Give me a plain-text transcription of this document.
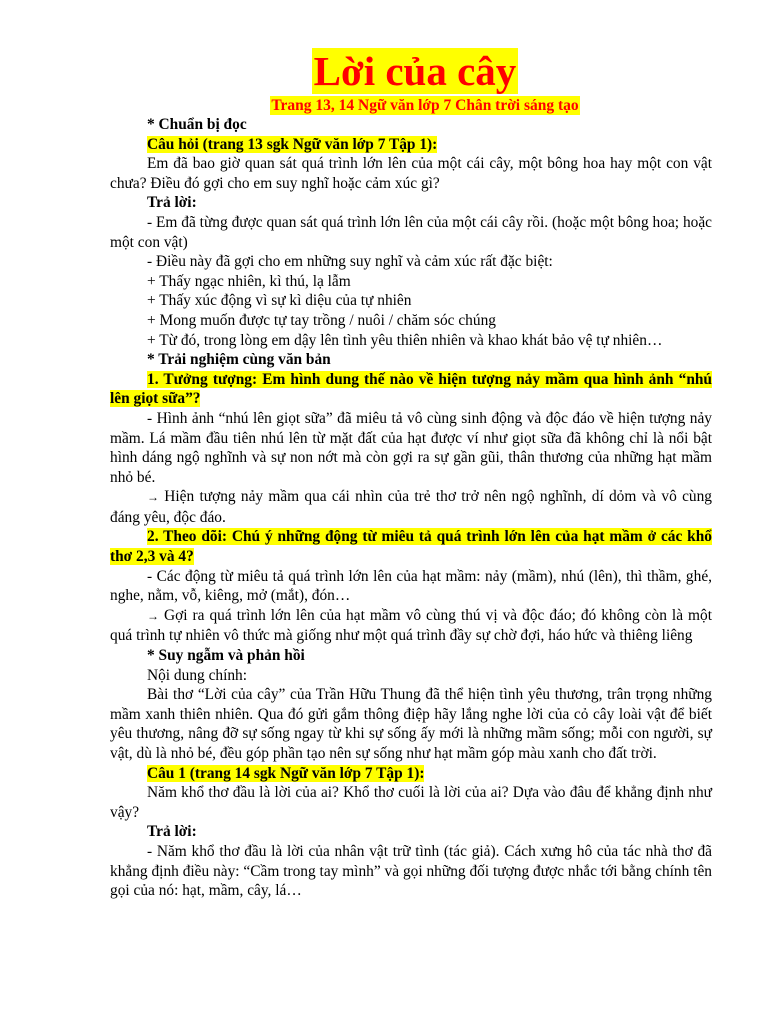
Lời của cây
Trang 13, 14 Ngữ văn lớp 7 Chân trời sáng tạo

* Chuẩn bị đọc

Câu hỏi (trang 13 sgk Ngữ văn lớp 7 Tập 1):

Em đã bao giờ quan sát quá trình lớn lên của một cái cây, một bông hoa hay một con vật chưa? Điều đó gợi cho em suy nghĩ hoặc cảm xúc gì?

Trả lời:

- Em đã từng được quan sát quá trình lớn lên của một cái cây rồi. (hoặc một bông hoa; hoặc một con vật)

- Điều này đã gợi cho em những suy nghĩ và cảm xúc rất đặc biệt:

+ Thấy ngạc nhiên, kì thú, lạ lẫm

+ Thấy xúc động vì sự kì diệu của tự nhiên

+ Mong muốn được tự tay trồng / nuôi / chăm sóc chúng

+ Từ đó, trong lòng em dậy lên tình yêu thiên nhiên và khao khát bảo vệ tự nhiên…

* Trải nghiệm cùng văn bản

1. Tưởng tượng: Em hình dung thế nào về hiện tượng nảy mầm qua hình ảnh “nhú lên giọt sữa”?

- Hình ảnh “nhú lên giọt sữa” đã miêu tả vô cùng sinh động và độc đáo về hiện tượng nảy mầm. Lá mầm đầu tiên nhú lên từ mặt đất của hạt được ví như giọt sữa đã không chỉ là nổi bật hình dáng ngộ nghĩnh và sự non nớt mà còn gợi ra sự gần gũi, thân thương của những hạt mầm nhỏ bé.

→ Hiện tượng nảy mầm qua cái nhìn của trẻ thơ trở nên ngộ nghĩnh, dí dỏm và vô cùng đáng yêu, độc đáo.

2. Theo dõi: Chú ý những động từ miêu tả quá trình lớn lên của hạt mầm ở các khổ thơ 2,3 và 4?

- Các động từ miêu tả quá trình lớn lên của hạt mầm: nảy (mầm), nhú (lên), thì thầm, ghé, nghe, nằm, vỗ, kiêng, mở (mắt), đón…

→ Gợi ra quá trình lớn lên của hạt mầm vô cùng thú vị và độc đáo; đó không còn là một quá trình tự nhiên vô thức mà giống như một quá trình đầy sự chờ đợi, háo hức và thiêng liêng

* Suy ngẫm và phản hồi

Nội dung chính:

Bài thơ “Lời của cây” của Trần Hữu Thung đã thể hiện tình yêu thương, trân trọng những mầm xanh thiên nhiên. Qua đó gửi gắm thông điệp hãy lắng nghe lời của cỏ cây loài vật để biết yêu thương, nâng đỡ sự sống ngay từ khi sự sống ấy mới là những mầm sống; mỗi con người, sự vật, dù là nhỏ bé, đều góp phần tạo nên sự sống như hạt mầm góp màu xanh cho đất trời.

Câu 1 (trang 14 sgk Ngữ văn lớp 7 Tập 1):

Năm khổ thơ đầu là lời của ai? Khổ thơ cuối là lời của ai? Dựa vào đâu để khẳng định như vậy?

Trả lời:

- Năm khổ thơ đầu là lời của nhân vật trữ tình (tác giả). Cách xưng hô của tác nhà thơ đã khẳng định điều này: “Cầm trong tay mình” và gọi những đối tượng được nhắc tới bằng chính tên gọi của nó: hạt, mầm, cây, lá…
